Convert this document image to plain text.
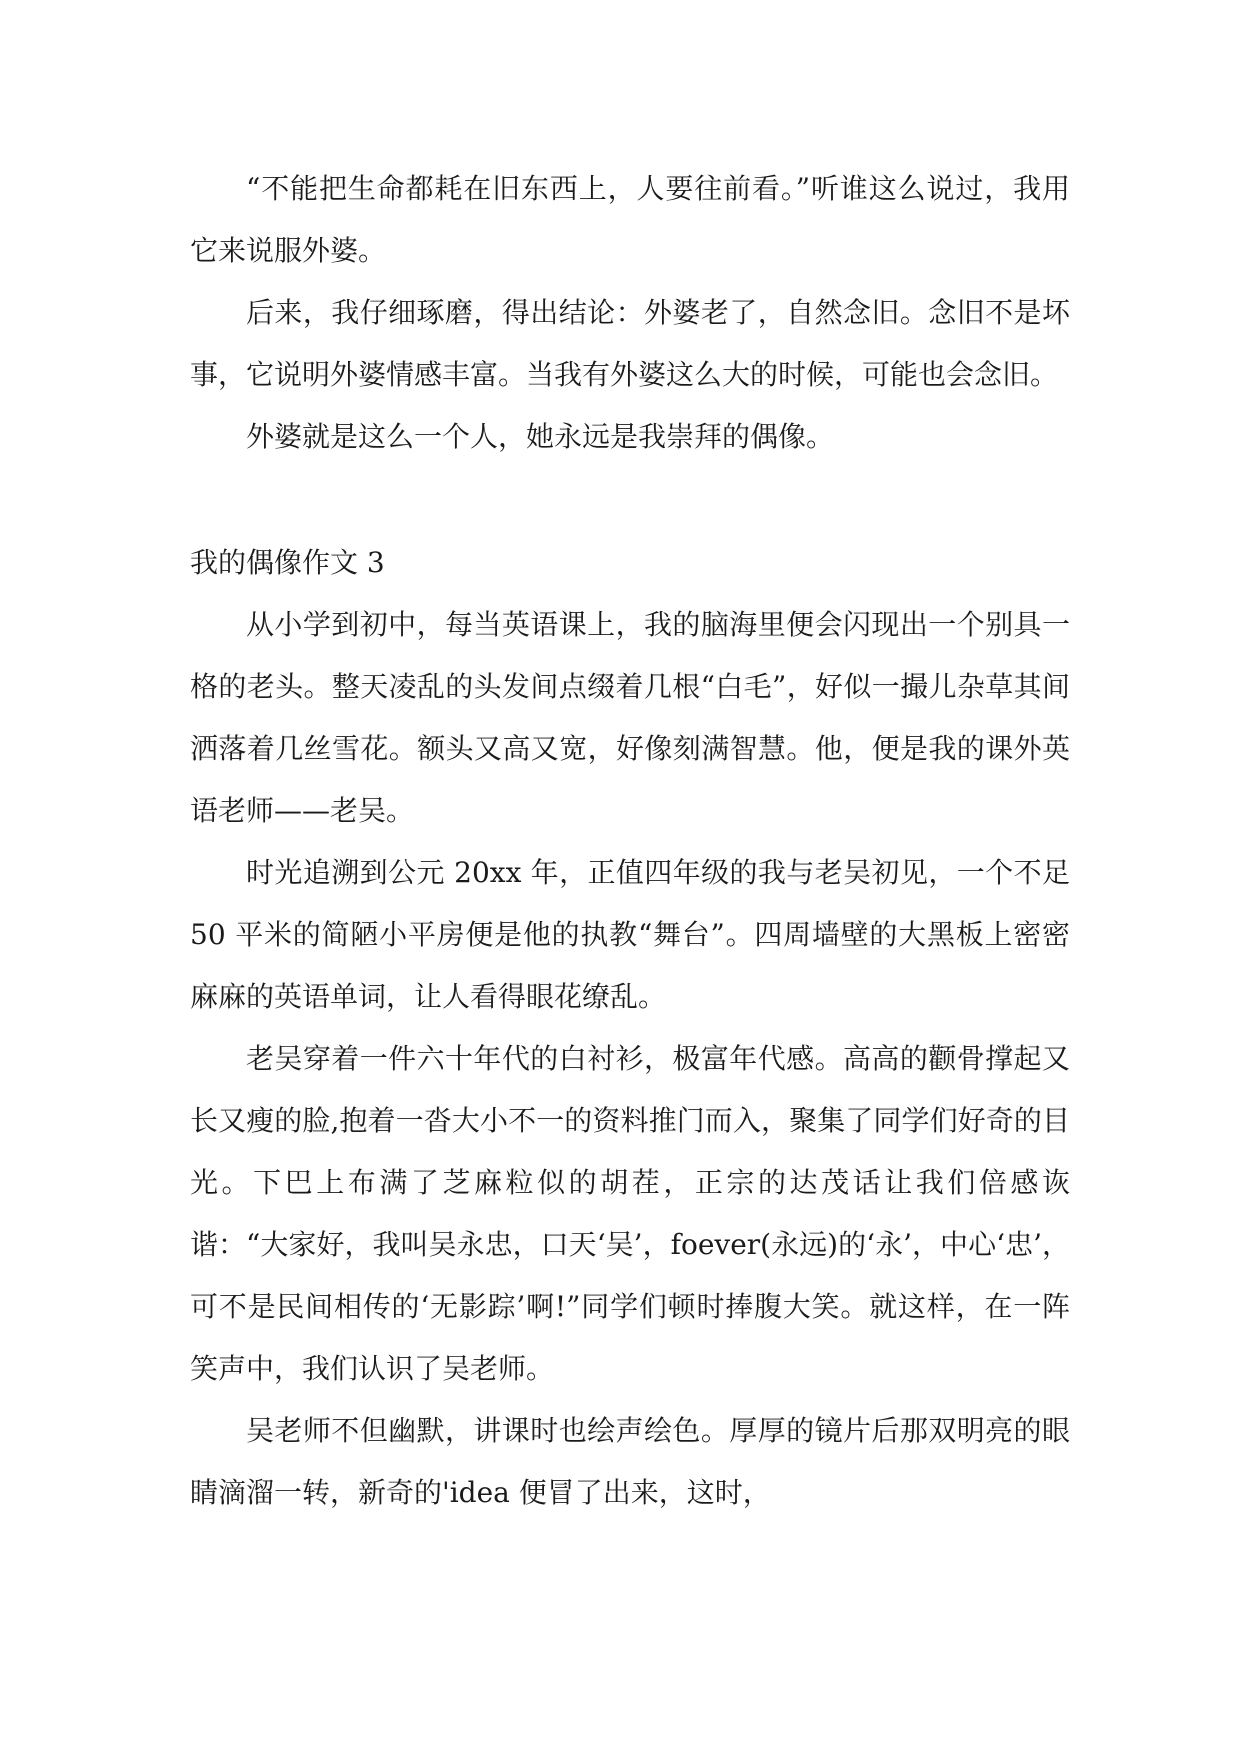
“不能把生命都耗在旧东西上，人要往前看。”听谁这么说过，我用它来说服外婆。

后来，我仔细琢磨，得出结论：外婆老了，自然念旧。念旧不是坏事，它说明外婆情感丰富。当我有外婆这么大的时候，可能也会念旧。

外婆就是这么一个人，她永远是我崇拜的偶像。

我的偶像作文 3

从小学到初中，每当英语课上，我的脑海里便会闪现出一个别具一格的老头。整天凌乱的头发间点缀着几根“白毛”，好似一撮儿杂草其间洒落着几丝雪花。额头又高又宽，好像刻满智慧。他，便是我的课外英语老师——老吴。

时光追溯到公元 20xx 年，正值四年级的我与老吴初见，一个不足 50 平米的简陋小平房便是他的执教“舞台”。四周墙壁的大黑板上密密麻麻的英语单词，让人看得眼花缭乱。

老吴穿着一件六十年代的白衬衫，极富年代感。高高的颧骨撑起又长又瘦的脸,抱着一沓大小不一的资料推门而入，聚集了同学们好奇的目光。下巴上布满了芝麻粒似的胡茬，正宗的达茂话让我们倍感诙谐：“大家好，我叫吴永忠，口天‘吴’，foever(永远)的‘永’，中心‘忠’，可不是民间相传的‘无影踪’啊!”同学们顿时捧腹大笑。就这样，在一阵笑声中，我们认识了吴老师。

吴老师不但幽默，讲课时也绘声绘色。厚厚的镜片后那双明亮的眼睛滴溜一转，新奇的'idea 便冒了出来，这时，
